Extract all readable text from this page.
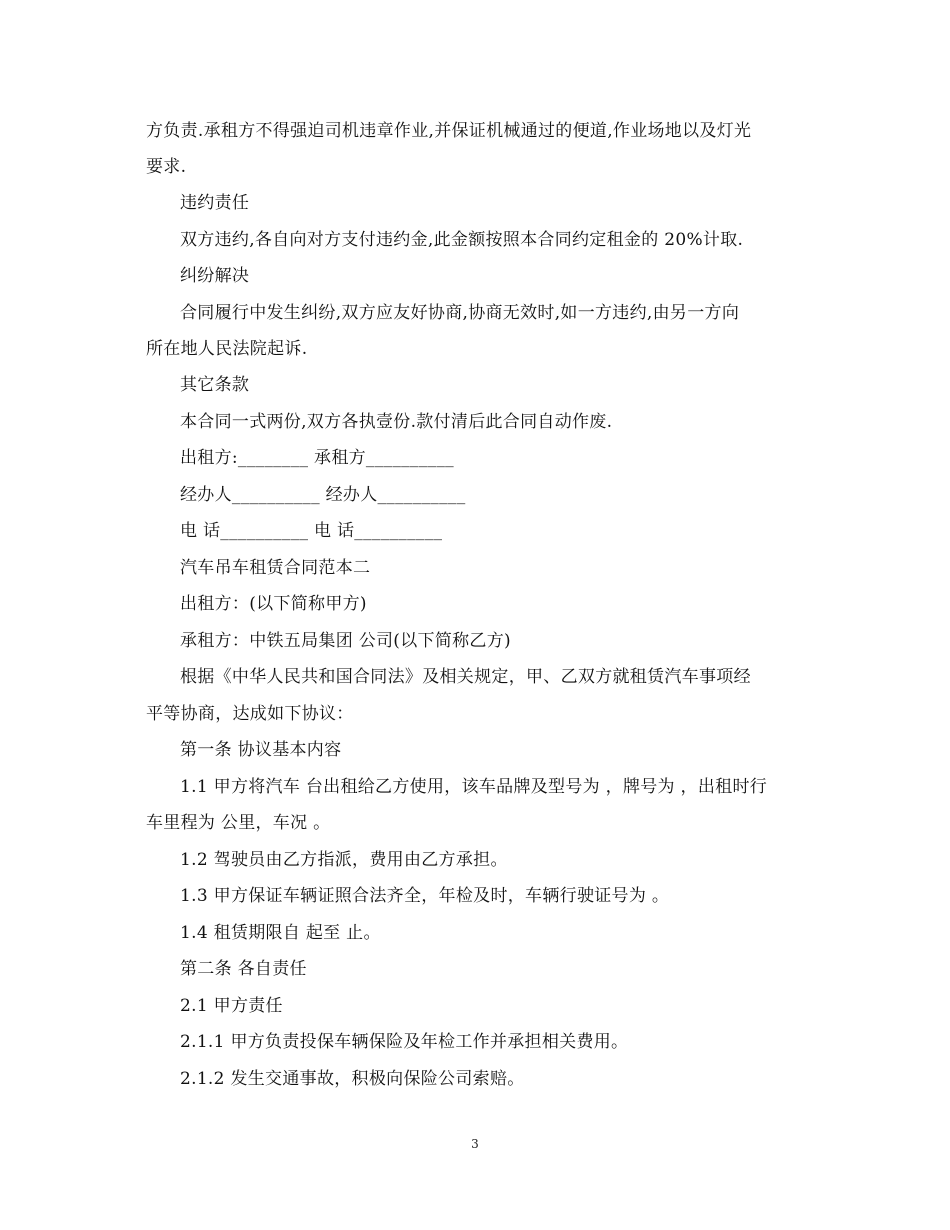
方负责.承租方不得强迫司机违章作业,并保证机械通过的便道,作业场地以及灯光
要求.
违约责任
双方违约,各自向对方支付违约金,此金额按照本合同约定租金的 20%计取.
纠纷解决
合同履行中发生纠纷,双方应友好协商,协商无效时,如一方违约,由另一方向
所在地人民法院起诉.
其它条款
本合同一式两份,双方各执壹份.款付清后此合同自动作废.
出租方:________ 承租方__________
经办人__________ 经办人__________
电 话__________ 电 话__________
汽车吊车租赁合同范本二
出租方：(以下简称甲方)
承租方：中铁五局集团 公司(以下简称乙方)
根据《中华人民共和国合同法》及相关规定，甲、乙双方就租赁汽车事项经
平等协商，达成如下协议：
第一条 协议基本内容
1.1 甲方将汽车 台出租给乙方使用，该车品牌及型号为 ，牌号为 ，出租时行
车里程为 公里，车况 。
1.2 驾驶员由乙方指派，费用由乙方承担。
1.3 甲方保证车辆证照合法齐全，年检及时，车辆行驶证号为 。
1.4 租赁期限自 起至 止。
第二条 各自责任
2.1 甲方责任
2.1.1 甲方负责投保车辆保险及年检工作并承担相关费用。
2.1.2 发生交通事故，积极向保险公司索赔。
3
